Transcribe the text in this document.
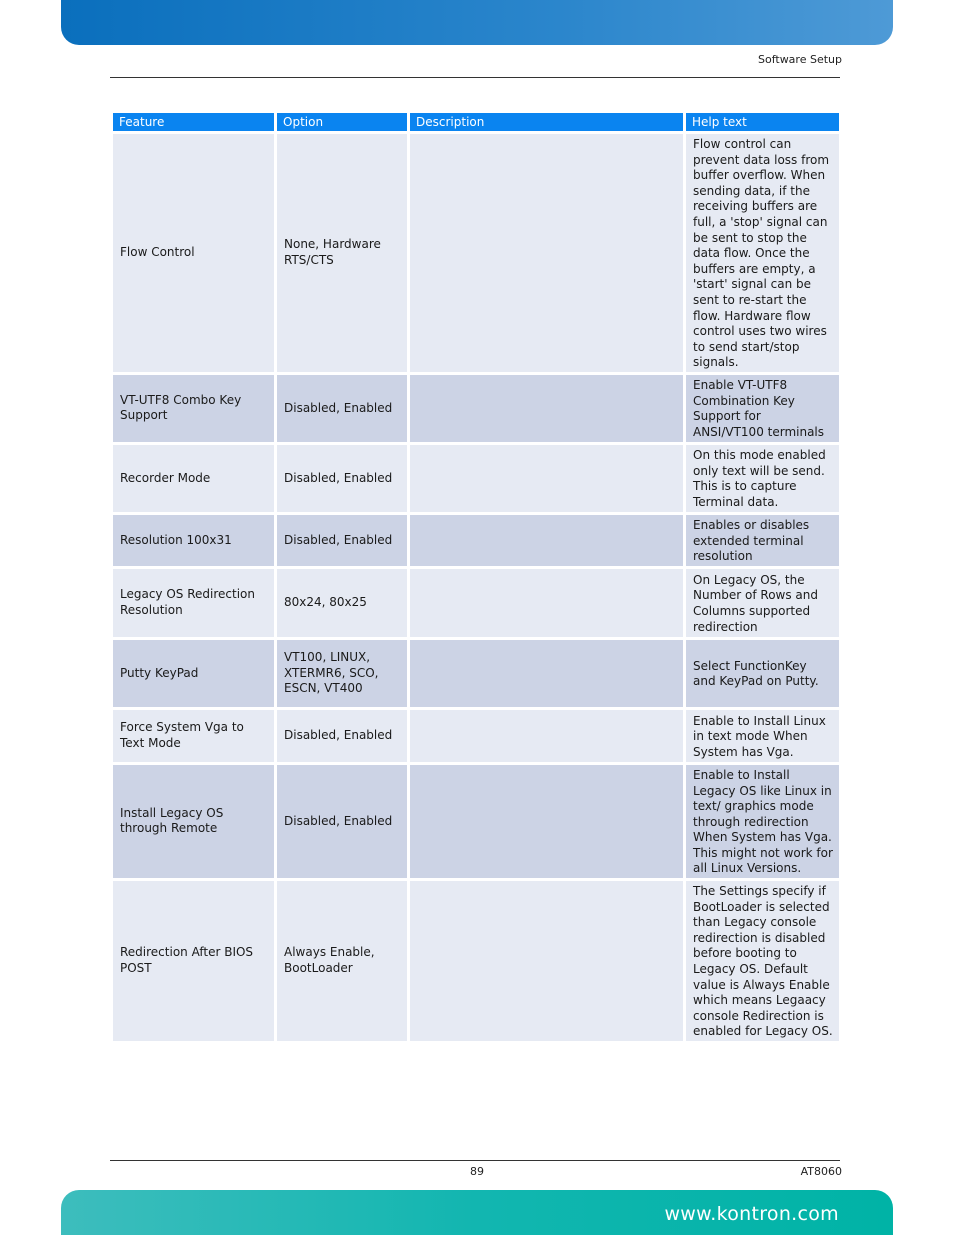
Software Setup
Feature	Option	Description	Help text
Flow Control	None, Hardware RTS/CTS		Flow control can prevent data loss from buffer overflow. When sending data, if the receiving buffers are full, a 'stop' signal can be sent to stop the data flow. Once the buffers are empty, a 'start' signal can be sent to re-start the flow. Hardware flow control uses two wires to send start/stop signals.
VT-UTF8 Combo Key Support	Disabled, Enabled		Enable VT-UTF8 Combination Key Support for ANSI/VT100 terminals
Recorder Mode	Disabled, Enabled		On this mode enabled only text will be send. This is to capture Terminal data.
Resolution 100x31	Disabled, Enabled		Enables or disables extended terminal resolution
Legacy OS Redirection Resolution	80x24, 80x25		On Legacy OS, the Number of Rows and Columns supported redirection
Putty KeyPad	VT100, LINUX, XTERMR6, SCO, ESCN, VT400		Select FunctionKey and KeyPad on Putty.
Force System Vga to Text Mode	Disabled, Enabled		Enable to Install Linux in text mode When System has Vga.
Install Legacy OS through Remote	Disabled, Enabled		Enable to Install Legacy OS like Linux in text/ graphics mode through redirection When System has Vga. This might not work for all Linux Versions.
Redirection After BIOS POST	Always Enable, BootLoader		The Settings specify if BootLoader is selected than Legacy console redirection is disabled before booting to Legacy OS. Default value is Always Enable which means Legaacy console Redirection is enabled for Legacy OS.
89	AT8060
www.kontron.com
